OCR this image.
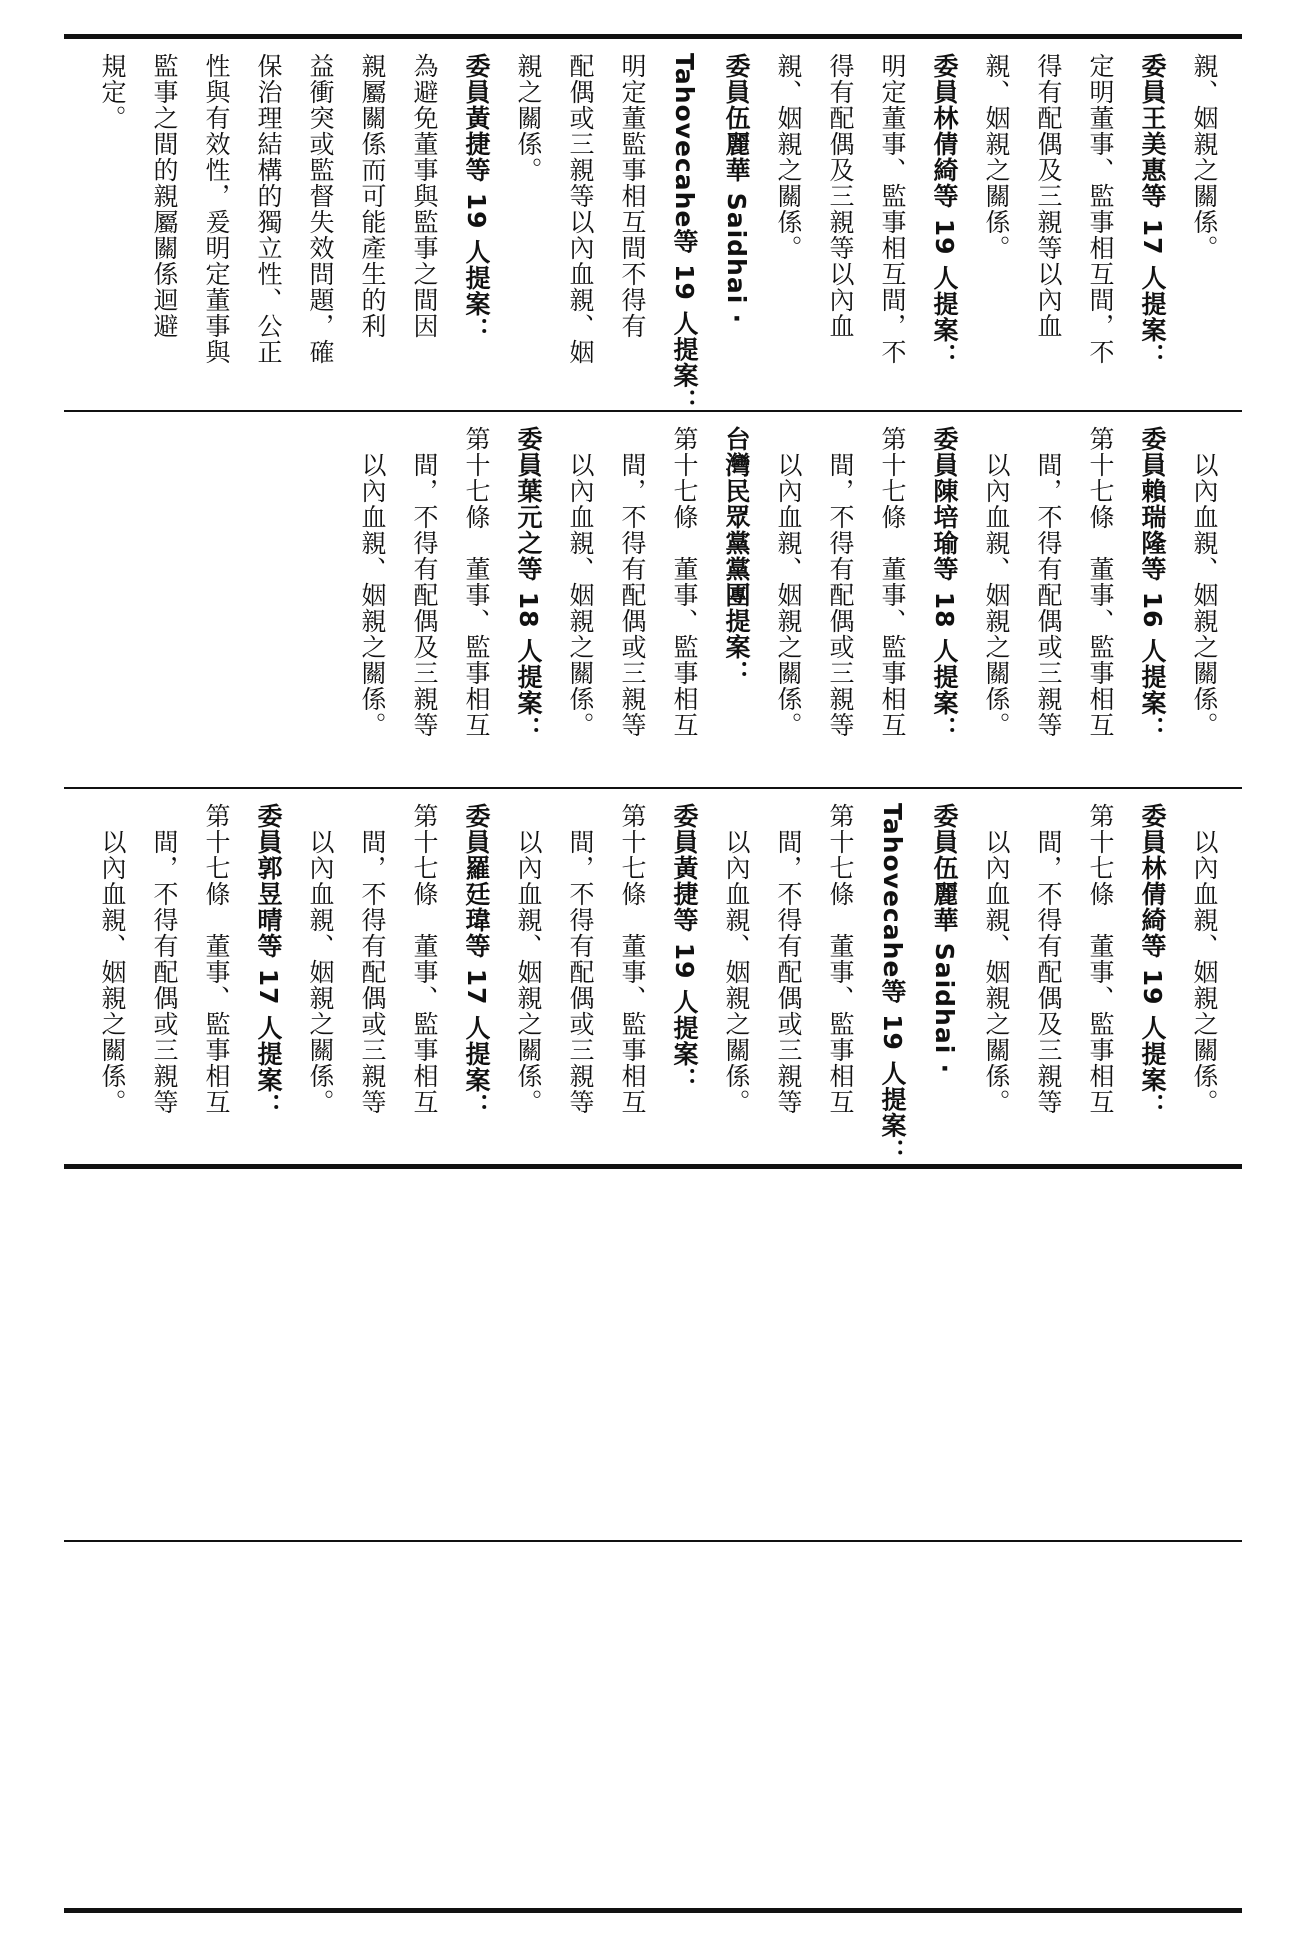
親、姻親之關係。
委員王美惠等 17 人提案：
定明董事、監事相互間，不
得有配偶及三親等以內血
親、姻親之關係。
委員林倩綺等 19 人提案：
明定董事、監事相互間，不
得有配偶及三親等以內血
親、姻親之關係。
委員伍麗華 Saidhai ‧
Tahovecahe等 19 人提案：
明定董監事相互間不得有
配偶或三親等以內血親、姻
親之關係。
委員黃捷等 19 人提案：
為避免董事與監事之間因
親屬關係而可能產生的利
益衝突或監督失效問題，確
保治理結構的獨立性、公正
性與有效性，爰明定董事與
監事之間的親屬關係迴避
規定。
以內血親、姻親之關係。
委員賴瑞隆等 16 人提案：
第十七條　董事、監事相互
間，不得有配偶或三親等
以內血親、姻親之關係。
委員陳培瑜等 18 人提案：
第十七條　董事、監事相互
間，不得有配偶或三親等
以內血親、姻親之關係。
台灣民眾黨黨團提案：
第十七條　董事、監事相互
間，不得有配偶或三親等
以內血親、姻親之關係。
委員葉元之等 18 人提案：
第十七條　董事、監事相互
間，不得有配偶及三親等
以內血親、姻親之關係。
以內血親、姻親之關係。
委員林倩綺等 19 人提案：
第十七條　董事、監事相互
間，不得有配偶及三親等
以內血親、姻親之關係。
委員伍麗華 Saidhai ‧
Tahovecahe等 19 人提案：
第十七條　董事、監事相互
間，不得有配偶或三親等
以內血親、姻親之關係。
委員黃捷等 19 人提案：
第十七條　董事、監事相互
間，不得有配偶或三親等
以內血親、姻親之關係。
委員羅廷瑋等 17 人提案：
第十七條　董事、監事相互
間，不得有配偶或三親等
以內血親、姻親之關係。
委員郭昱晴等 17 人提案：
第十七條　董事、監事相互
間，不得有配偶或三親等
以內血親、姻親之關係。
